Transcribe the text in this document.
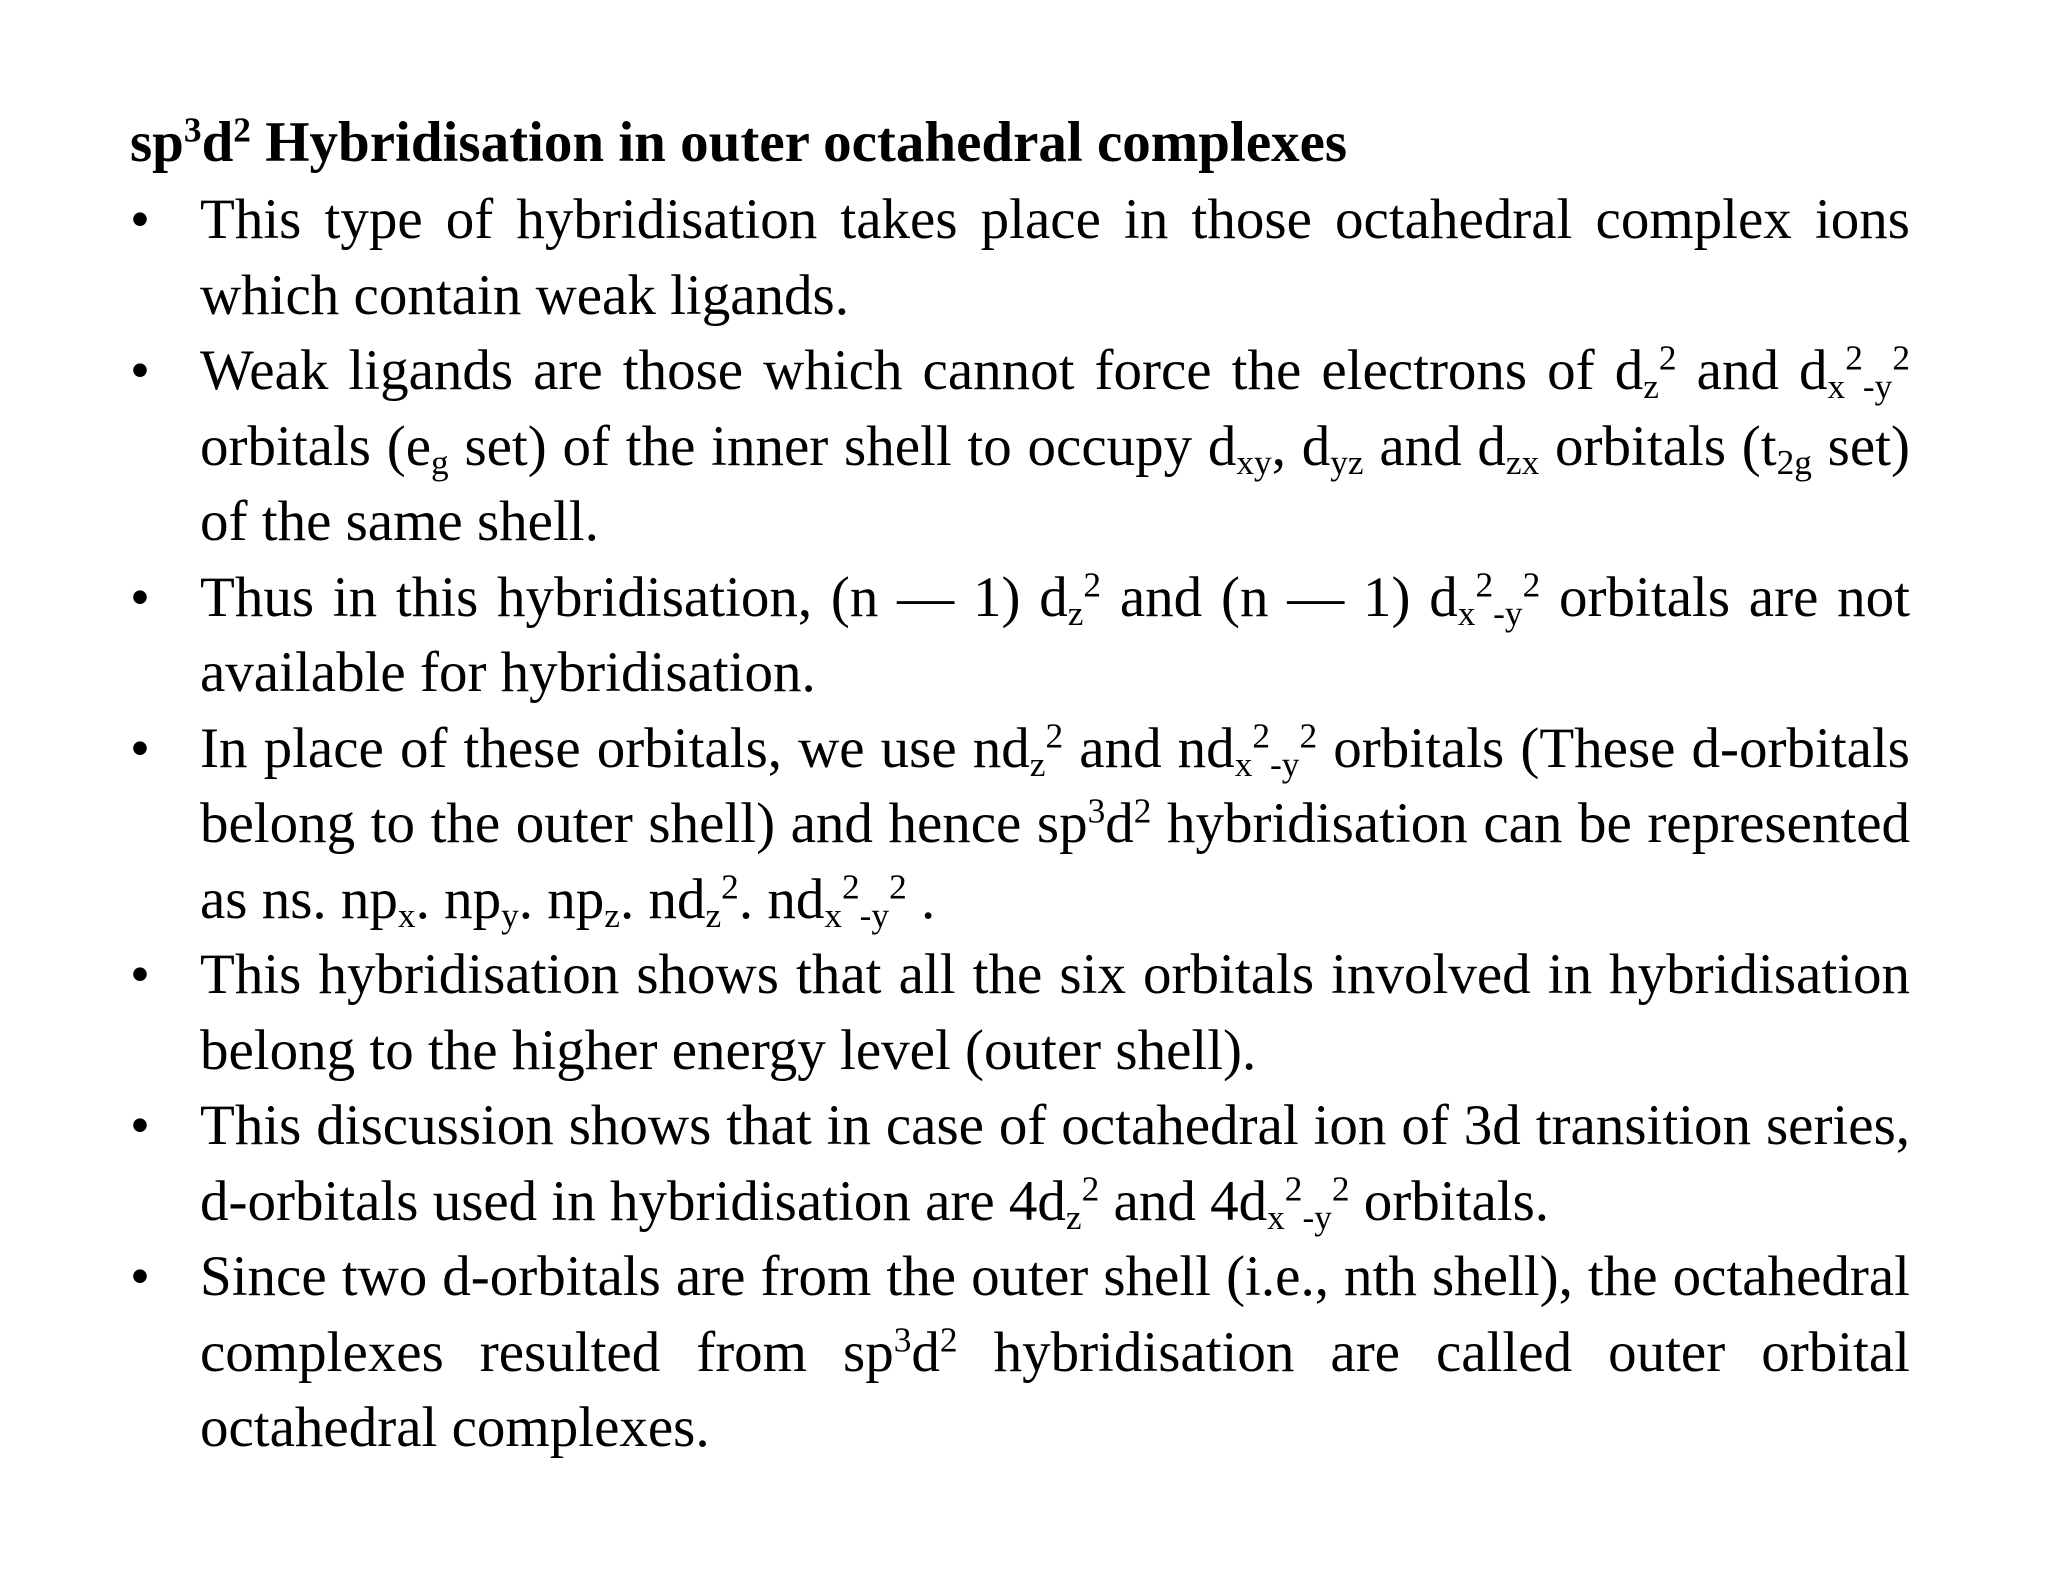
$sp^3d^2$ Hybridisation in outer octahedral complexes
• This type of hybridisation takes place in those octahedral complex ions which contain weak ligands.
• Weak ligands are those which cannot force the electrons of $d_z^2$ and $d_x^2_{-y}^2$ orbitals ($e_g$ set) of the inner shell to occupy $d_{xy}$, $d_{yz}$ and $d_{zx}$ orbitals ($t_{2g}$ set) of the same shell.
• Thus in this hybridisation, (n — 1) $d_z^2$ and (n — 1) $d_x^2_{-y}^2$ orbitals are not available for hybridisation.
• In place of these orbitals, we use $nd_z^2$ and $nd_x^2_{-y}^2$ orbitals (These d-orbitals belong to the outer shell) and hence $sp^3d^2$ hybridisation can be represented as ns. $np_x$. $np_y$. $np_z$. $nd_z^2$. $nd_x^2_{-y}^2$ .
• This hybridisation shows that all the six orbitals involved in hybridisation belong to the higher energy level (outer shell).
• This discussion shows that in case of octahedral ion of 3d transition series, d-orbitals used in hybridisation are $4d_z^2$ and $4d_x^2_{-y}^2$ orbitals.
• Since two d-orbitals are from the outer shell (i.e., nth shell), the octahedral complexes resulted from $sp^3d^2$ hybridisation are called outer orbital octahedral complexes.
